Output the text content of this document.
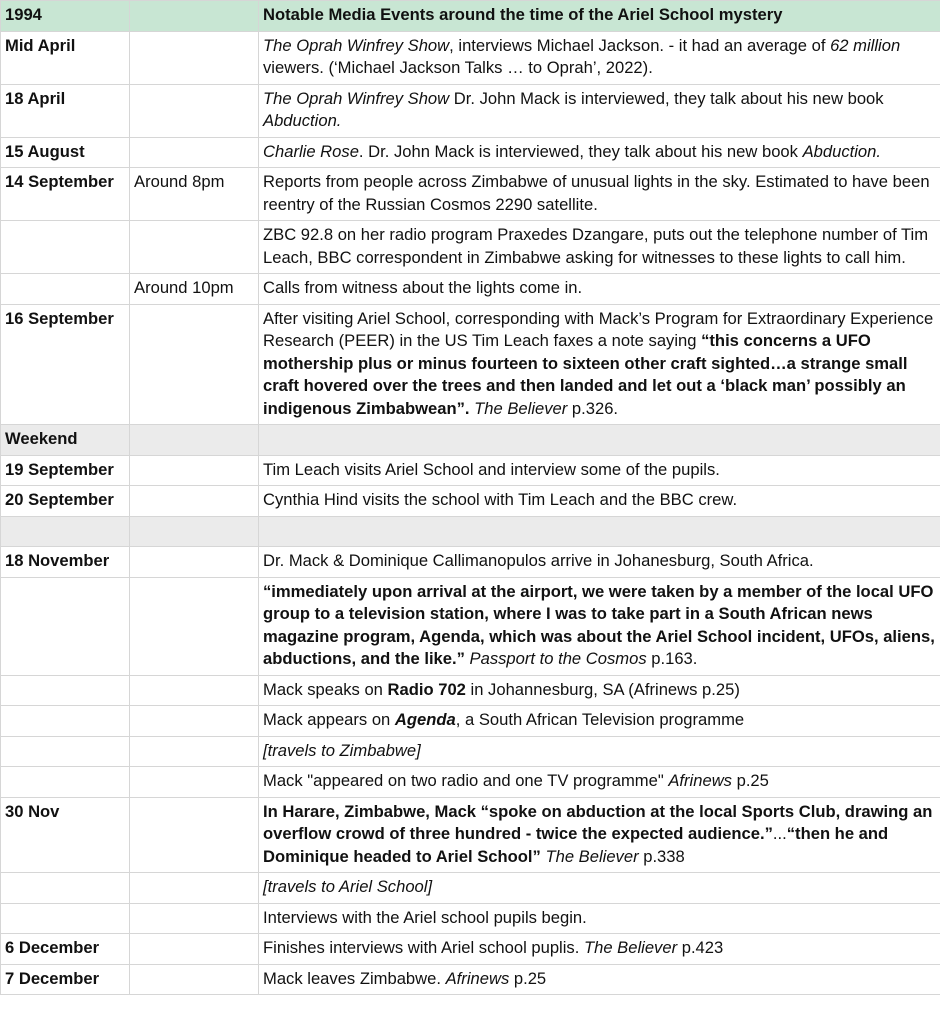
1994		Notable Media Events around the time of the Ariel School mystery
Mid April		The Oprah Winfrey Show, interviews Michael Jackson. - it had an average of 62 million viewers. (‘Michael Jackson Talks … to Oprah’, 2022).
18 April		The Oprah Winfrey Show Dr. John Mack is interviewed, they talk about his new book Abduction.
15 August		Charlie Rose. Dr. John Mack is interviewed, they talk about his new book Abduction.
14 September	Around 8pm	Reports from people across Zimbabwe of unusual lights in the sky. Estimated to have been reentry of the Russian Cosmos 2290 satellite.
		ZBC 92.8 on her radio program Praxedes Dzangare, puts out the telephone number of Tim Leach, BBC correspondent in Zimbabwe asking for witnesses to these lights to call him.
	Around 10pm	Calls from witness about the lights come in.
16 September		After visiting Ariel School, corresponding with Mack’s Program for Extraordinary Experience Research (PEER) in the US Tim Leach faxes a note saying “this concerns a UFO mothership plus or minus fourteen to sixteen other craft sighted…a strange small craft hovered over the trees and then landed and let out a ‘black man’ possibly an indigenous Zimbabwean”. The Believer p.326.
Weekend		
19 September		Tim Leach visits Ariel School and interview some of the pupils.
20 September		Cynthia Hind visits the school with Tim Leach and the BBC crew.

18 November		Dr. Mack & Dominique Callimanopulos arrive in Johanesburg, South Africa.
		“immediately upon arrival at the airport, we were taken by a member of the local UFO group to a television station, where I was to take part in a South African news magazine program, Agenda, which was about the Ariel School incident, UFOs, aliens, abductions, and the like.” Passport to the Cosmos p.163.
		Mack speaks on Radio 702 in Johannesburg, SA (Afrinews p.25)
		Mack appears on Agenda, a South African Television programme
		[travels to Zimbabwe]
		Mack "appeared on two radio and one TV programme" Afrinews p.25
30 Nov		In Harare, Zimbabwe, Mack “spoke on abduction at the local Sports Club, drawing an overflow crowd of three hundred - twice the expected audience.”...“then he and Dominique headed to Ariel School” The Believer p.338
		[travels to Ariel School]
		Interviews with the Ariel school pupils begin.
6 December		Finishes interviews with Ariel school puplis. The Believer p.423
7 December		Mack leaves Zimbabwe. Afrinews p.25
